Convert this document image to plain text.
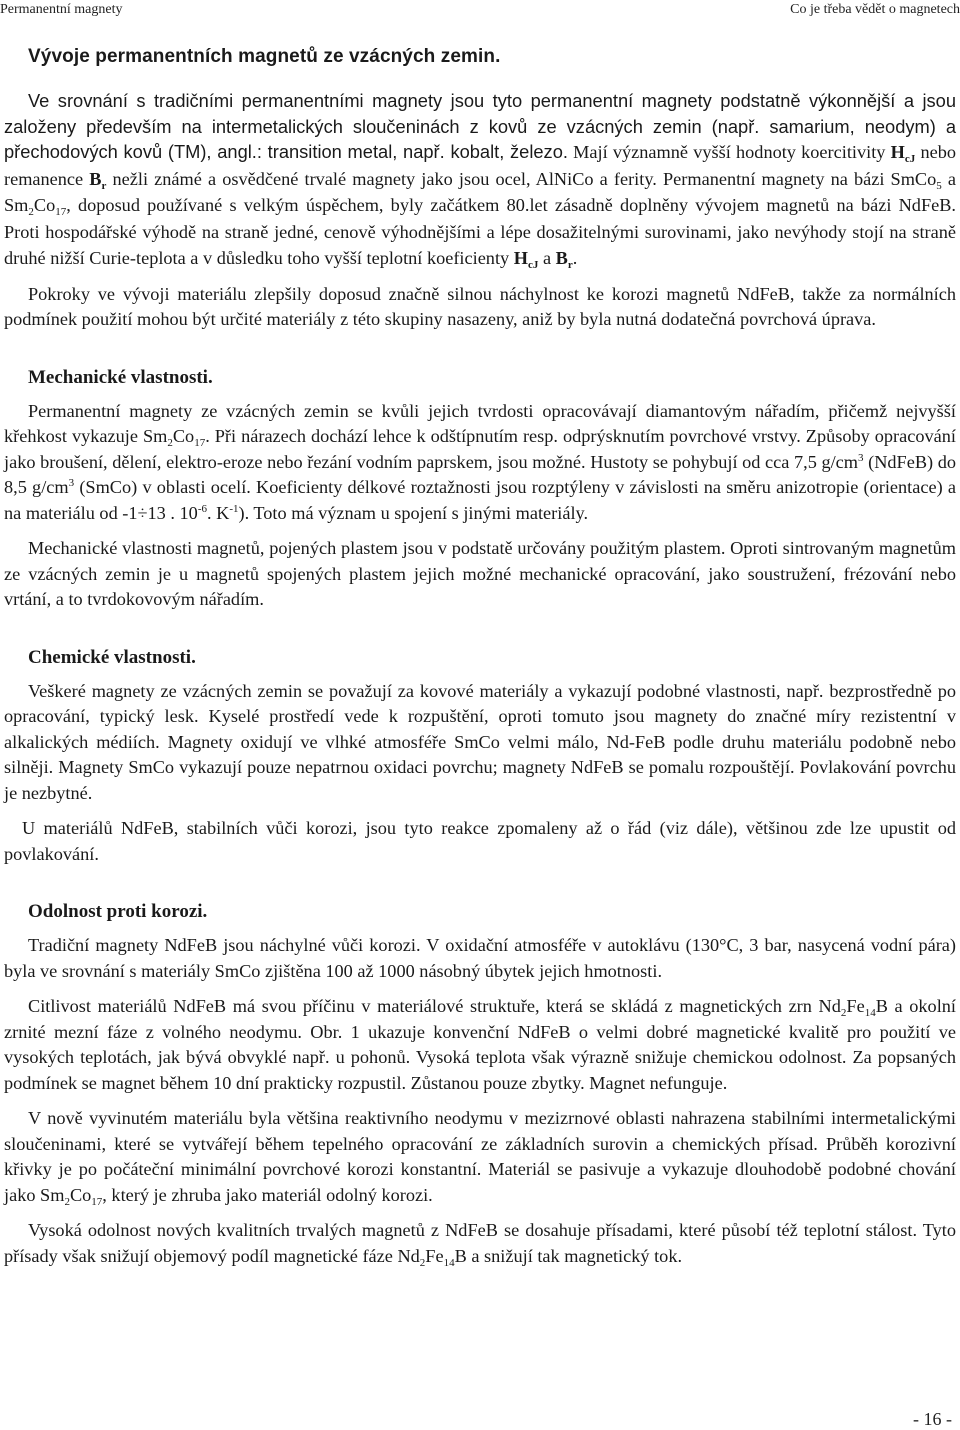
Permanentní magnety	Co je třeba vědět o magnetech
Vývoje permanentních magnetů ze vzácných zemin.

Ve srovnání s tradičními permanentními magnety jsou tyto permanentní magnety podstatně výkonnější a jsou založeny především na intermetalických sloučeninách z kovů ze vzácných zemin (např. samarium, neodym) a přechodových kovů (TM), angl.: transition metal, např. kobalt, železo. Mají významně vyšší hodnoty koercitivity $H_{cJ}$ nebo remanence $B_r$ nežli známé a osvědčené trvalé magnety jako jsou ocel, AlNiCo a ferity. Permanentní magnety na bázi SmCo$_5$ a $Sm_2Co_{17}$, doposud používané s velkým úspěchem, byly začátkem 80.let zásadně doplněny vývojem magnetů na bázi NdFeB. Proti hospodářské výhodě na straně jedné, cenově výhodnějšími a lépe dosažitelnými surovinami, jako nevýhody stojí na straně druhé nižší Curie-teplota a v důsledku toho vyšší teplotní koeficienty $H_{cJ}$ a $B_r$.

Pokroky ve vývoji materiálu zlepšily doposud značně silnou náchylnost ke korozi magnetů NdFeB, takže za normálních podmínek použití mohou být určité materiály z této skupiny nasazeny, aniž by byla nutná dodatečná povrchová úprava.

Mechanické vlastnosti.

Permanentní magnety ze vzácných zemin se kvůli jejich tvrdosti opracovávají diamantovým nářadím, přičemž nejvyšší křehkost vykazuje $Sm_2Co_{17}$. Při nárazech dochází lehce k odštípnutím resp. odprýsknutím povrchové vrstvy. Způsoby opracování jako broušení, dělení, elektro-eroze nebo řezání vodním paprskem, jsou možné. Hustoty se pohybují od cca 7,5 $g/cm^3$ (NdFeB) do 8,5 $g/cm^3$ (SmCo) v oblasti ocelí. Koeficienty délkové roztažnosti jsou rozptýleny v závislosti na směru anizotropie (orientace) a na materiálu od -1÷13 . $10^{-6}$. $K^{-1}$). Toto má význam u spojení s jinými materiály.

Mechanické vlastnosti magnetů, pojených plastem jsou v podstatě určovány použitým plastem. Oproti sintrovaným magnetům ze vzácných zemin je u magnetů spojených plastem jejich možné mechanické opracování, jako soustružení, frézování nebo vrtání, a to tvrdokovovým nářadím.

Chemické vlastnosti.

Veškeré magnety ze vzácných zemin se považují za kovové materiály a vykazují podobné vlastnosti, např. bezprostředně po opracování, typický lesk. Kyselé prostředí vede k rozpuštění, oproti tomuto jsou magnety do značné míry rezistentní v alkalických médiích. Magnety oxidují ve vlhké atmosféře SmCo velmi málo, Nd-FeB podle druhu materiálu podobně nebo silněji. Magnety SmCo vykazují pouze nepatrnou oxidaci povrchu; magnety NdFeB se pomalu rozpouštějí. Povlakování povrchu je nezbytné.

U materiálů NdFeB, stabilních vůči korozi, jsou tyto reakce zpomaleny až o řád (viz dále), většinou zde lze upustit od povlakování.

Odolnost proti korozi.

Tradiční magnety NdFeB jsou náchylné vůči korozi. V oxidační atmosféře v autoklávu (130°C, 3 bar, nasycená vodní pára) byla ve srovnání s materiály SmCo zjištěna 100 až 1000 násobný úbytek jejich hmotnosti.

Citlivost materiálů NdFeB má svou příčinu v materiálové struktuře, která se skládá z magnetických zrn $Nd_2Fe_{14}B$ a okolní zrnité mezní fáze z volného neodymu. Obr. 1 ukazuje konvenční NdFeB o velmi dobré magnetické kvalitě pro použití ve vysokých teplotách, jak bývá obvyklé např. u pohonů. Vysoká teplota však výrazně snižuje chemickou odolnost. Za popsaných podmínek se magnet během 10 dní prakticky rozpustil. Zůstanou pouze zbytky. Magnet nefunguje.

V nově vyvinutém materiálu byla většina reaktivního neodymu v mezizrnové oblasti nahrazena stabilními intermetalickými sloučeninami, které se vytvářejí během tepelného opracování ze základních surovin a chemických přísad. Průběh korozivní křivky je po počáteční minimální povrchové korozi konstantní. Materiál se pasivuje a vykazuje dlouhodobě podobné chování jako $Sm_2Co_{17}$, který je zhruba jako materiál odolný korozi.

Vysoká odolnost nových kvalitních trvalých magnetů z NdFeB se dosahuje přísadami, které působí též teplotní stálost. Tyto přísady však snižují objemový podíl magnetické fáze $Nd_2Fe_{14}B$ a snižují tak magnetický tok.

- 16 -
